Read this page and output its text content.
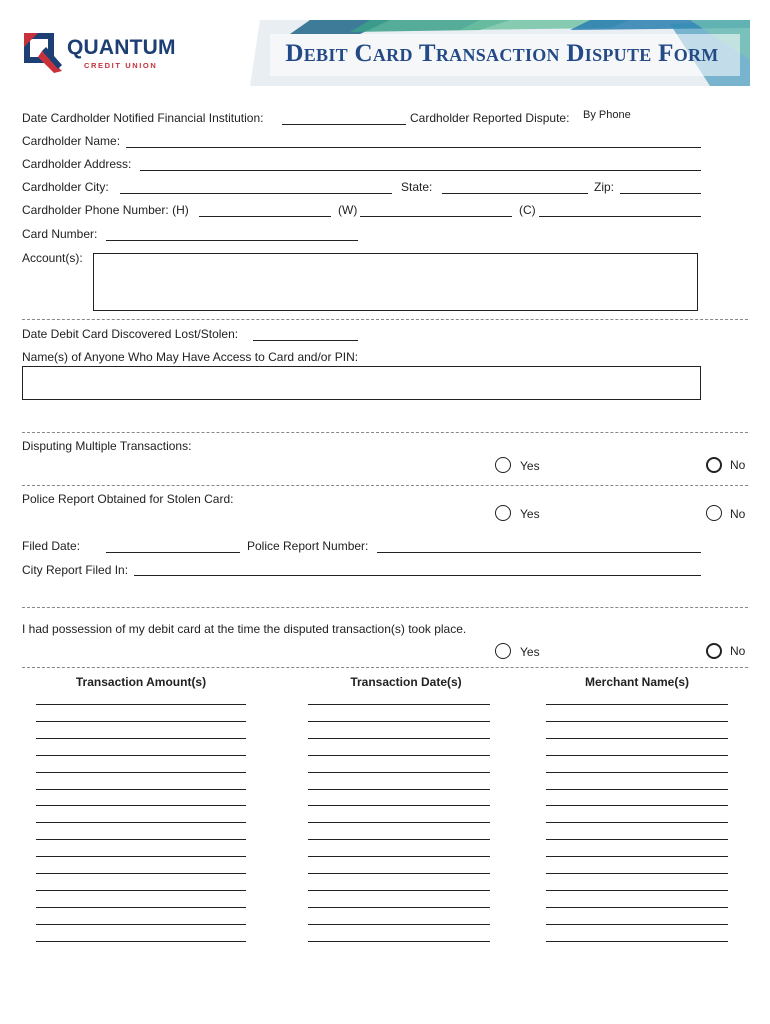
QUANTUM
CREDIT UNION	Debit Card Transaction Dispute Form
Date Cardholder Notified Financial Institution:	Cardholder Reported Dispute: By Phone
Cardholder Name:
Cardholder Address:
Cardholder City:	State:	Zip:
Cardholder Phone Number: (H)	(W)	(C)
Card Number:
Account(s):
Date Debit Card Discovered Lost/Stolen:
Name(s) of Anyone Who May Have Access to Card and/or PIN:
Disputing Multiple Transactions:
Yes	No
Police Report Obtained for Stolen Card:
Yes	No
Filed Date:	Police Report Number:
City Report Filed In:
I had possession of my debit card at the time the disputed transaction(s) took place.
Yes	No
Transaction Amount(s)	Transaction Date(s)	Merchant Name(s)
